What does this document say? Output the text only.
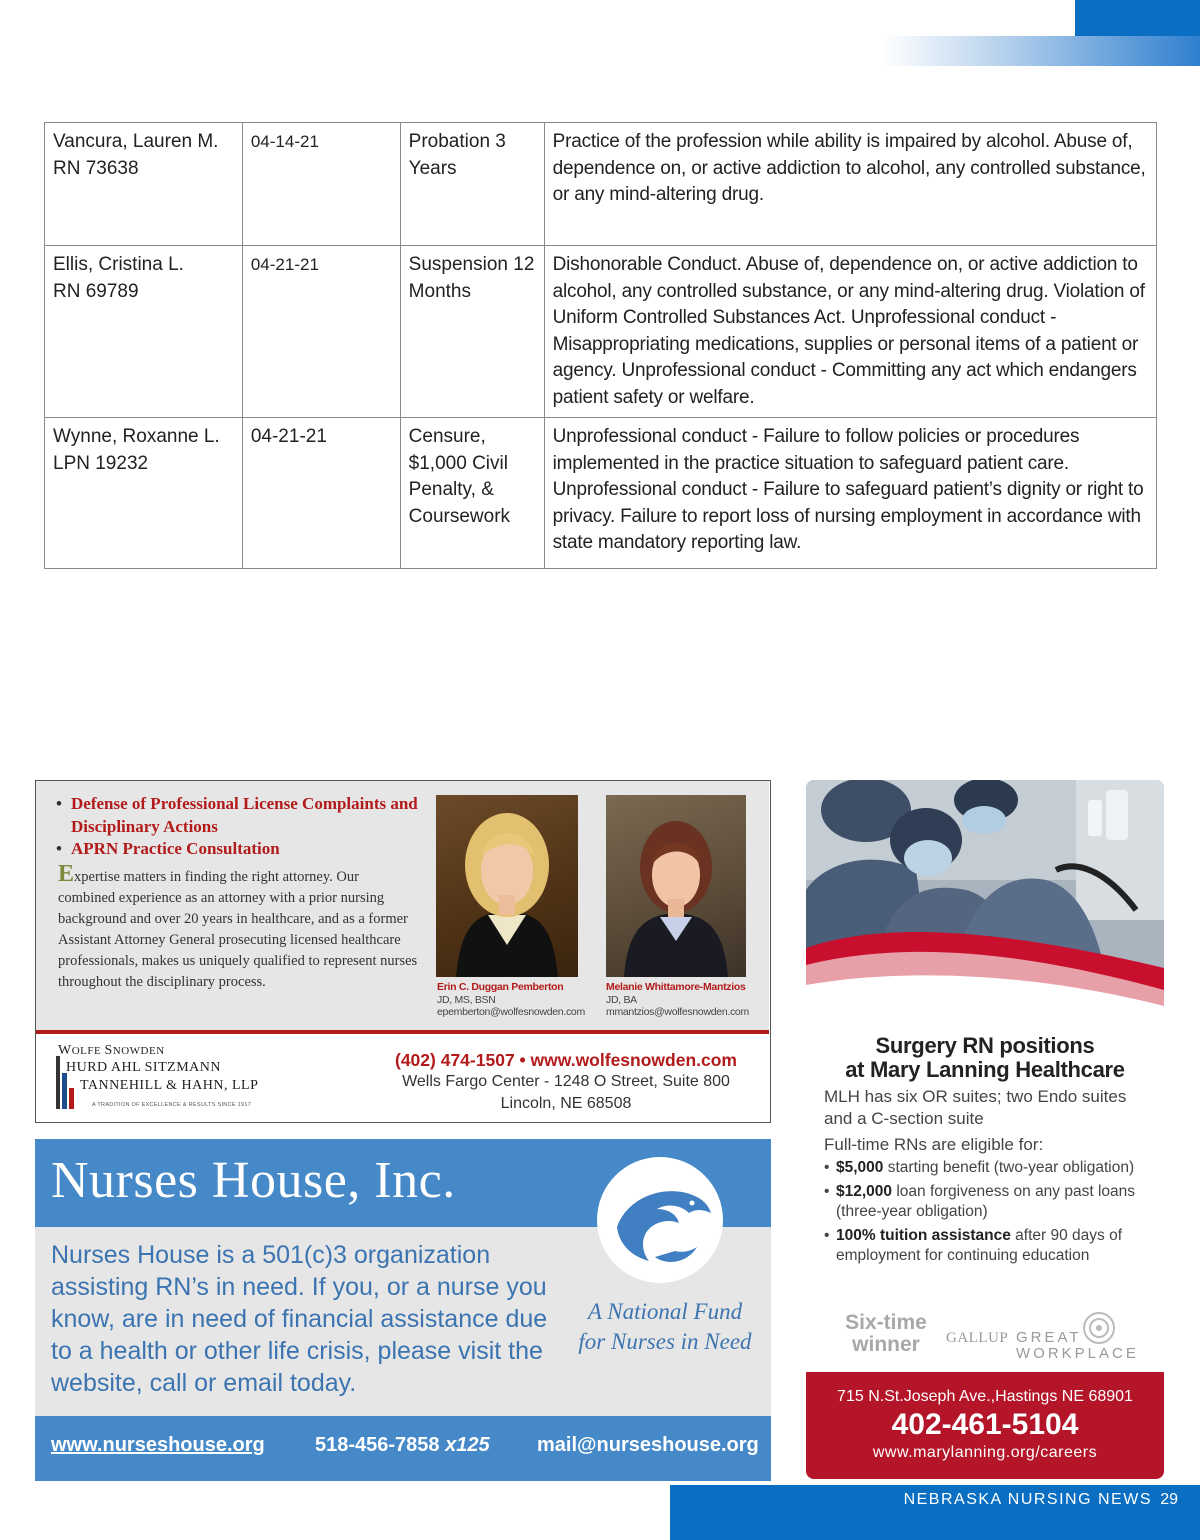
Vancura, Lauren M.
RN 73638	04-14-21	Probation 3 Years	Practice of the profession while ability is impaired by alcohol. Abuse of, dependence on, or active addiction to alcohol, any controlled substance, or any mind-altering drug.

Ellis, Cristina L.
RN 69789	04-21-21	Suspension 12 Months	Dishonorable Conduct. Abuse of, dependence on, or active addiction to alcohol, any controlled substance, or any mind-altering drug. Violation of Uniform Controlled Substances Act. Unprofessional conduct - Misappropriating medications, supplies or personal items of a patient or agency. Unprofessional conduct - Committing any act which endangers patient safety or welfare.

Wynne, Roxanne L.
LPN 19232	04-21-21	Censure, $1,000 Civil Penalty, & Coursework	Unprofessional conduct - Failure to follow policies or procedures implemented in the practice situation to safeguard patient care. Unprofessional conduct - Failure to safeguard patient’s dignity or right to privacy. Failure to report loss of nursing employment in accordance with state mandatory reporting law.
• Defense of Professional License Complaints and Disciplinary Actions
• APRN Practice Consultation

Expertise matters in finding the right attorney. Our combined experience as an attorney with a prior nursing background and over 20 years in healthcare, and as a former Assistant Attorney General prosecuting licensed healthcare professionals, makes us uniquely qualified to represent nurses throughout the disciplinary process.	Erin C. Duggan Pemberton
JD, MS, BSN
epemberton@wolfesnowden.com
Melanie Whittamore-Mantzios
JD, BA
mmantzios@wolfesnowden.com
WOLFE SNOWDEN
HURD AHL SITZMANN
TANNEHILL & HAHN, LLP
A TRADITION OF EXCELLENCE & RESULTS SINCE 1917
(402) 474-1507 • www.wolfesnowden.com
Wells Fargo Center - 1248 O Street, Suite 800
Lincoln, NE 68508
Nurses House, Inc.

Nurses House is a 501(c)3 organization assisting RN’s in need. If you, or a nurse you know, are in need of financial assistance due to a health or other life crisis, please visit the website, call or email today.

A National Fund
for Nurses in Need
www.nurseshouse.org	518-456-7858 x125 mail@nurseshouse.org
Surgery RN positions
at Mary Lanning Healthcare

MLH has six OR suites; two Endo suites and a C-section suite

Full-time RNs are eligible for:
• $5,000 starting benefit (two-year obligation)
• $12,000 loan forgiveness on any past loans (three-year obligation)
• 100% tuition assistance after 90 days of employment for continuing education
Six-time
winner	GALLUP GREAT
WORKPLACE
715 N.St.Joseph Ave.,Hastings NE 68901
402-461-5104
www.marylanning.org/careers
NEBRASKA NURSING NEWS 29
